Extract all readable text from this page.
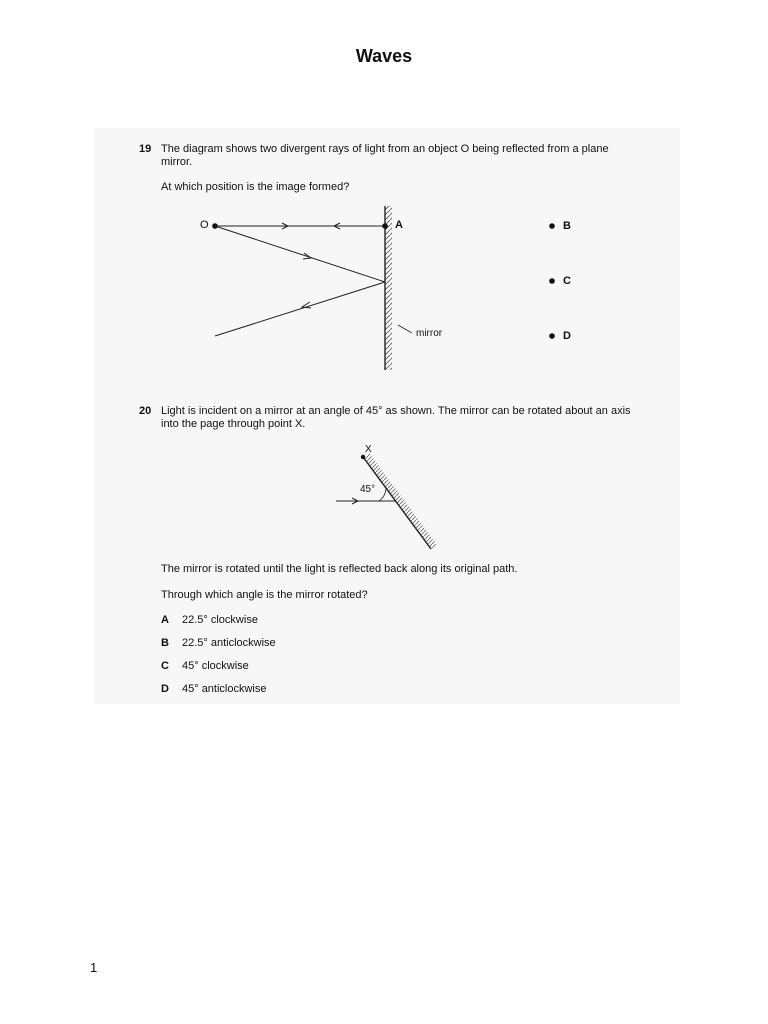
Waves
19 The diagram shows two divergent rays of light from an object O being reflected from a plane
mirror.
At which position is the image formed?
O	A	B
C
D
mirror
20 Light is incident on a mirror at an angle of 45° as shown. The mirror can be rotated about an axis
into the page through point X.
X
45°
The mirror is rotated until the light is reflected back along its original path.
Through which angle is the mirror rotated?
A 22.5° clockwise
B 22.5° anticlockwise
C 45° clockwise
D 45° anticlockwise
1
